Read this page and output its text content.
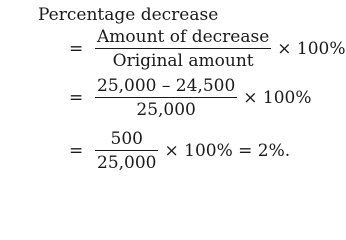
Percentage decrease
= $\frac{\text{Amount of decrease}}{\text{Original amount}} \times 100\%$
= $\frac{25,000 - 24,500}{25,000} \times 100\%$
= $\frac{500}{25,000} \times 100\% = 2\%$.
